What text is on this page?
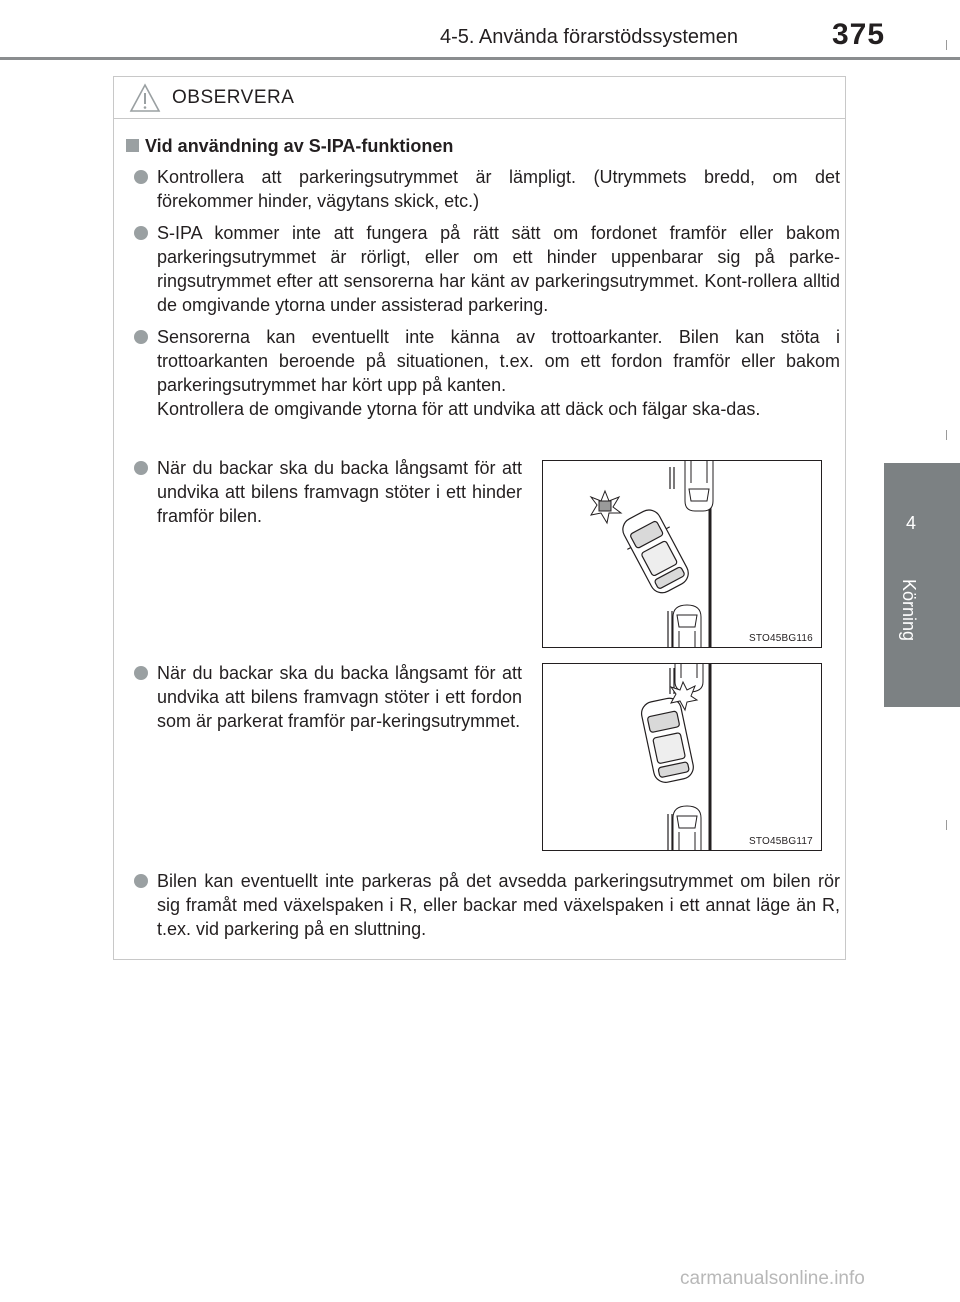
4-5. Använda förarstödssystemen	375
4
Körning
OBSERVERA
Vid användning av S-IPA-funktionen
Kontrollera att parkeringsutrymmet är lämpligt. (Utrymmets bredd, om det förekommer hinder, vägytans skick, etc.)
S-IPA kommer inte att fungera på rätt sätt om fordonet framför eller bakom parkeringsutrymmet är rörligt, eller om ett hinder uppenbarar sig på parke-ringsutrymmet efter att sensorerna har känt av parkeringsutrymmet. Kont-rollera alltid de omgivande ytorna under assisterad parkering.
Sensorerna kan eventuellt inte känna av trottoarkanter. Bilen kan stöta i trottoarkanten beroende på situationen, t.ex. om ett fordon framför eller bakom parkeringsutrymmet har kört upp på kanten.
Kontrollera de omgivande ytorna för att undvika att däck och fälgar ska-das.
När du backar ska du backa långsamt för att undvika att bilens framvagn stöter i ett hinder framför bilen.
När du backar ska du backa långsamt för att undvika att bilens framvagn stöter i ett fordon som är parkerat framför par-keringsutrymmet.
Bilen kan eventuellt inte parkeras på det avsedda parkeringsutrymmet om bilen rör sig framåt med växelspaken i R, eller backar med växelspaken i ett annat läge än R, t.ex. vid parkering på en sluttning.
STO45BG116
STO45BG117
carmanualsonline.info
